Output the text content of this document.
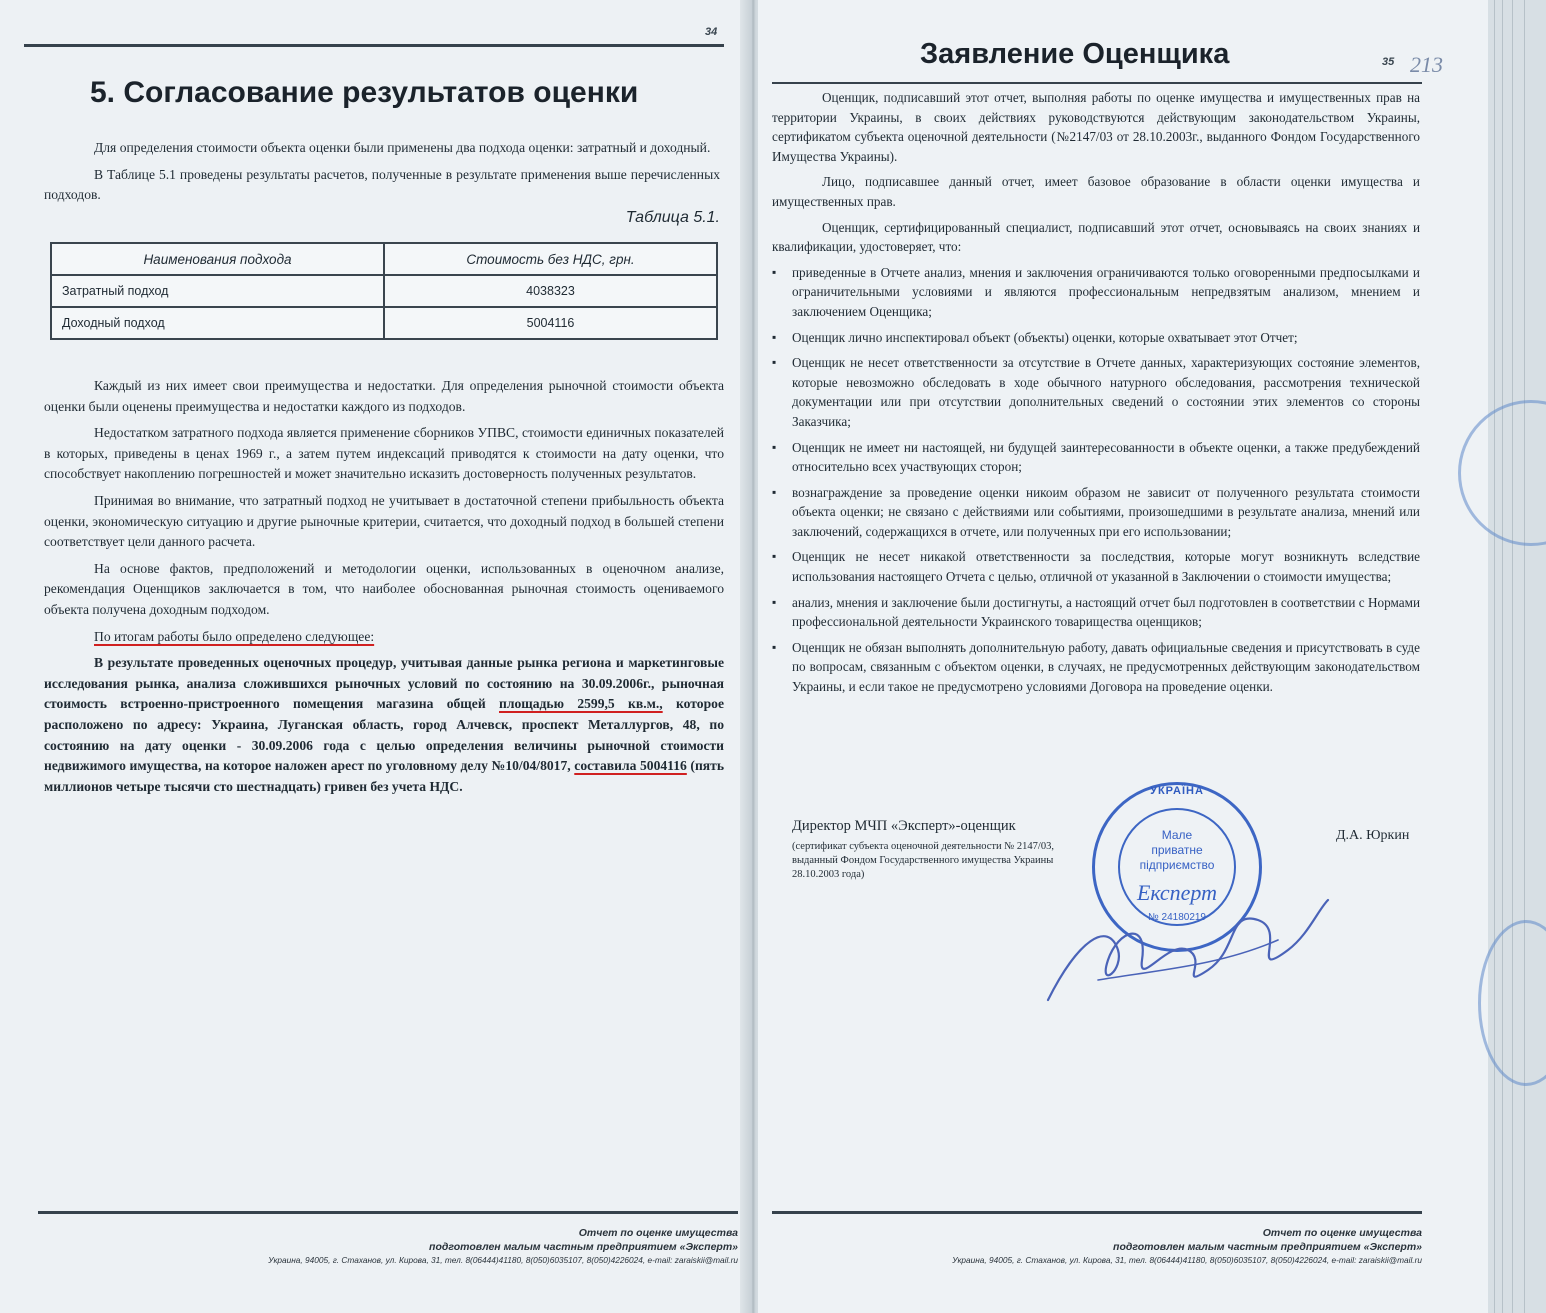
34
5. Согласование результатов оценки

Для определения стоимости объекта оценки были применены два подхода оценки: затратный и доходный.

В Таблице 5.1 проведены результаты расчетов, полученные в результате применения выше перечисленных подходов.

Таблица 5.1.
Наименования подхода	Стоимость без НДС, грн.
Затратный подход	4038323
Доходный подход	5004116

Каждый из них имеет свои преимущества и недостатки. Для определения рыночной стоимости объекта оценки были оценены преимущества и недостатки каждого из подходов.

Недостатком затратного подхода является применение сборников УПВС, стоимости единичных показателей в которых, приведены в ценах 1969 г., а затем путем индексаций приводятся к стоимости на дату оценки, что способствует накоплению погрешностей и может значительно исказить достоверность полученных результатов.

Принимая во внимание, что затратный подход не учитывает в достаточной степени прибыльность объекта оценки, экономическую ситуацию и другие рыночные критерии, считается, что доходный подход в большей степени соответствует цели данного расчета.

На основе фактов, предположений и методологии оценки, использованных в оценочном анализе, рекомендация Оценщиков заключается в том, что наиболее обоснованная рыночная стоимость оцениваемого объекта получена доходным подходом.

По итогам работы было определено следующее:

В результате проведенных оценочных процедур, учитывая данные рынка региона и маркетинговые исследования рынка, анализа сложившихся рыночных условий по состоянию на 30.09.2006г., рыночная стоимость встроенно-пристроенного помещения магазина общей площадью 2599,5 кв.м., которое расположено по адресу: Украина, Луганская область, город Алчевск, проспект Металлургов, 48, по состоянию на дату оценки - 30.09.2006 года с целью определения величины рыночной стоимости недвижимого имущества, на которое наложен арест по уголовному делу №10/04/8017, составила 5004116 (пять миллионов четыре тысячи сто шестнадцать) гривен без учета НДС.

Отчет по оценке имущества
подготовлен малым частным предприятием «Эксперт»
Украина, 94005, г. Стаханов, ул. Кирова, 31, тел. 8(06444)41180, 8(050)6035107, 8(050)4226024, e-mail: zaraiskii@mail.ru
Заявление Оценщика	35 213

Оценщик, подписавший этот отчет, выполняя работы по оценке имущества и имущественных прав на территории Украины, в своих действиях руководствуются действующим законодательством Украины, сертификатом субъекта оценочной деятельности (№2147/03 от 28.10.2003г., выданного Фондом Государственного Имущества Украины).

Лицо, подписавшее данный отчет, имеет базовое образование в области оценки имущества и имущественных прав.

Оценщик, сертифицированный специалист, подписавший этот отчет, основываясь на своих знаниях и квалификации, удостоверяет, что:

▪ приведенные в Отчете анализ, мнения и заключения ограничиваются только оговоренными предпосылками и ограничительными условиями и являются профессиональным непредвзятым анализом, мнением и заключением Оценщика;
▪ Оценщик лично инспектировал объект (объекты) оценки, которые охватывает этот Отчет;
▪ Оценщик не несет ответственности за отсутствие в Отчете данных, характеризующих состояние элементов, которые невозможно обследовать в ходе обычного натурного обследования, рассмотрения технической документации или при отсутствии дополнительных сведений о состоянии этих элементов со стороны Заказчика;
▪ Оценщик не имеет ни настоящей, ни будущей заинтересованности в объекте оценки, а также предубеждений относительно всех участвующих сторон;
▪ вознаграждение за проведение оценки никоим образом не зависит от полученного результата стоимости объекта оценки; не связано с действиями или событиями, произошедшими в результате анализа, мнений или заключений, содержащихся в отчете, или полученных при его использовании;
▪ Оценщик не несет никакой ответственности за последствия, которые могут возникнуть вследствие использования настоящего Отчета с целью, отличной от указанной в Заключении о стоимости имущества;
▪ анализ, мнения и заключение были достигнуты, а настоящий отчет был подготовлен в соответствии с Нормами профессиональной деятельности Украинского товарищества оценщиков;
▪ Оценщик не обязан выполнять дополнительную работу, давать официальные сведения и присутствовать в суде по вопросам, связанным с объектом оценки, в случаях, не предусмотренных действующим законодательством Украины, и если такое не предусмотрено условиями Договора на проведение оценки.
Директор МЧП «Эксперт»-оценщик
(сертификат субъекта оценочной деятельности № 2147/03, выданный Фондом Государственного имущества Украины 28.10.2003 года)
Д.А. Юркин
УКРАЇНА
Мале
приватне
підприємство
Експерт
№ 24180219
Отчет по оценке имущества
подготовлен малым частным предприятием «Эксперт»
Украина, 94005, г. Стаханов, ул. Кирова, 31, тел. 8(06444)41180, 8(050)6035107, 8(050)4226024, e-mail: zaraiskii@mail.ru
